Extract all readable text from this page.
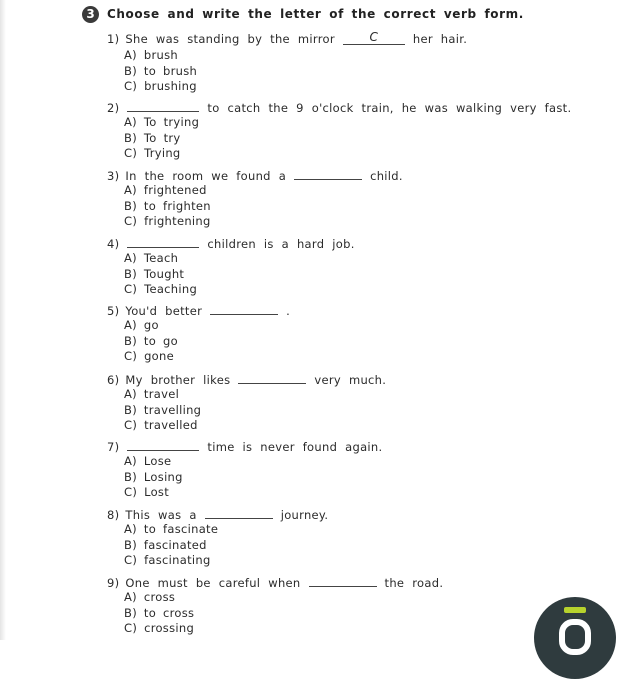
3	Choose and write the letter of the correct verb form.
1) She was standing by the mirror	C	her hair.
A) brush
B) to brush
C) brushing
2)	to catch the 9 o'clock train, he was walking very fast.
A) To trying
B) To try
C) Trying
3) In the room we found a	child.
A) frightened
B) to frighten
C) frightening
4)	children is a hard job.
A) Teach
B) Tought
C) Teaching
5) You'd better	.
A) go
B) to go
C) gone
6) My brother likes	very much.
A) travel
B) travelling
C) travelled
7)	time is never found again.
A) Lose
B) Losing
C) Lost
8) This was a	journey.
A) to fascinate
B) fascinated
C) fascinating
9) One must be careful when	the road.
A) cross
B) to cross
C) crossing
